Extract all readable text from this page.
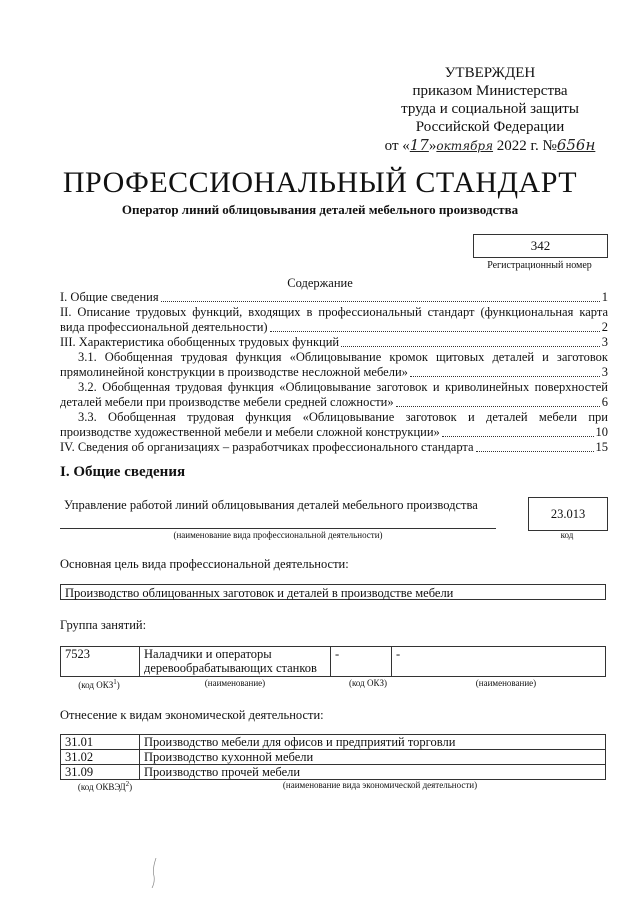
УТВЕРЖДЕН
приказом Министерства
труда и социальной защиты
Российской Федерации
от «17»октября 2022 г. №656н
ПРОФЕССИОНАЛЬНЫЙ СТАНДАРТ
Оператор линий облицовывания деталей мебельного производства
342
Регистрационный номер
Содержание
I. Общие сведения	1
II. Описание трудовых функций, входящих в профессиональный стандарт (функциональная карта
вида профессиональной деятельности)	2
III. Характеристика обобщенных трудовых функций	3
3.1. Обобщенная трудовая функция «Облицовывание кромок щитовых деталей и заготовок
прямолинейной конструкции в производстве несложной мебели»	3
3.2. Обобщенная трудовая функция «Облицовывание заготовок и криволинейных поверхностей
деталей мебели при производстве мебели средней сложности»	6
3.3. Обобщенная трудовая функция «Облицовывание заготовок и деталей мебели при
производстве художественной мебели и мебели сложной конструкции»	10
IV. Сведения об организациях – разработчиках профессионального стандарта	15
I. Общие сведения
Управление работой линий облицовывания деталей мебельного производства
(наименование вида профессиональной деятельности)
23.013
код
Основная цель вида профессиональной деятельности:
Производство облицованных заготовок и деталей в производстве мебели
Группа занятий:
7523	Наладчики и операторы деревообрабатывающих станков	-	-
(код ОКЗ$^1$)	(наименование)	(код ОКЗ)	(наименование)
Отнесение к видам экономической деятельности:
31.01	Производство мебели для офисов и предприятий торговли
31.02	Производство кухонной мебели
31.09	Производство прочей мебели
(код ОКВЭД$^2$)	(наименование вида экономической деятельности)
